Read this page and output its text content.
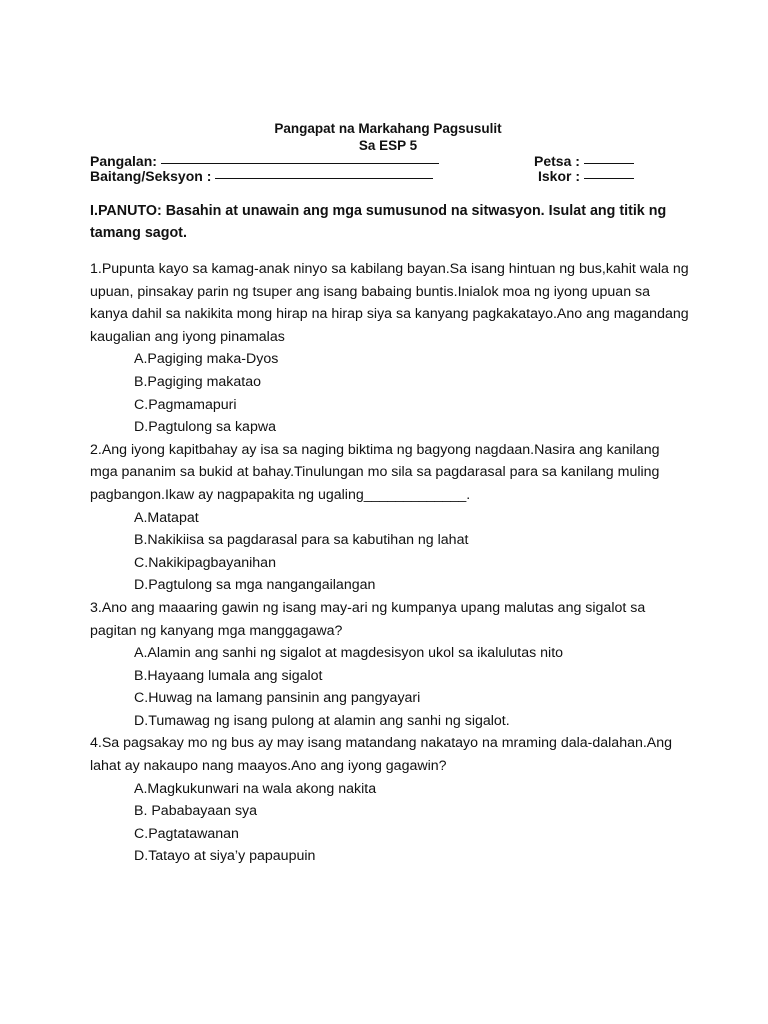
Pangapat na Markahang Pagsusulit
Sa ESP 5
Pangalan:
Baitang/Seksyon :
Petsa :
Iskor :
I.PANUTO: Basahin at unawain ang mga sumusunod na sitwasyon. Isulat ang titik ng tamang sagot.

1.Pupunta kayo sa kamag-anak ninyo sa kabilang bayan.Sa isang hintuan ng bus,kahit wala ng upuan, pinsakay parin ng tsuper ang isang babaing buntis.Inialok moa ng iyong upuan sa kanya dahil sa nakikita mong hirap na hirap siya sa kanyang pagkakatayo.Ano ang magandang kaugalian ang iyong pinamalas

A.Pagiging maka-Dyos

B.Pagiging makatao

C.Pagmamapuri

D.Pagtulong sa kapwa

2.Ang iyong kapitbahay ay isa sa naging biktima ng bagyong nagdaan.Nasira ang kanilang mga pananim sa bukid at bahay.Tinulungan mo sila sa pagdarasal para sa kanilang muling pagbangon.Ikaw ay nagpapakita ng ugaling_____________.

A.Matapat

B.Nakikiisa sa pagdarasal para sa kabutihan ng lahat

C.Nakikipagbayanihan

D.Pagtulong sa mga nangangailangan

3.Ano ang maaaring gawin ng isang may-ari ng kumpanya upang malutas ang sigalot sa pagitan ng kanyang mga manggagawa?

A.Alamin ang sanhi ng sigalot at magdesisyon ukol sa ikalulutas nito

B.Hayaang lumala ang sigalot

C.Huwag na lamang pansinin ang pangyayari

D.Tumawag ng isang pulong at alamin ang sanhi ng sigalot.

4.Sa pagsakay mo ng bus ay may isang matandang nakatayo na mraming dala-dalahan.Ang lahat ay nakaupo nang maayos.Ano ang iyong gagawin?

A.Magkukunwari na wala akong nakita

B. Pababayaan sya

C.Pagtatawanan

D.Tatayo at siya’y papaupuin
